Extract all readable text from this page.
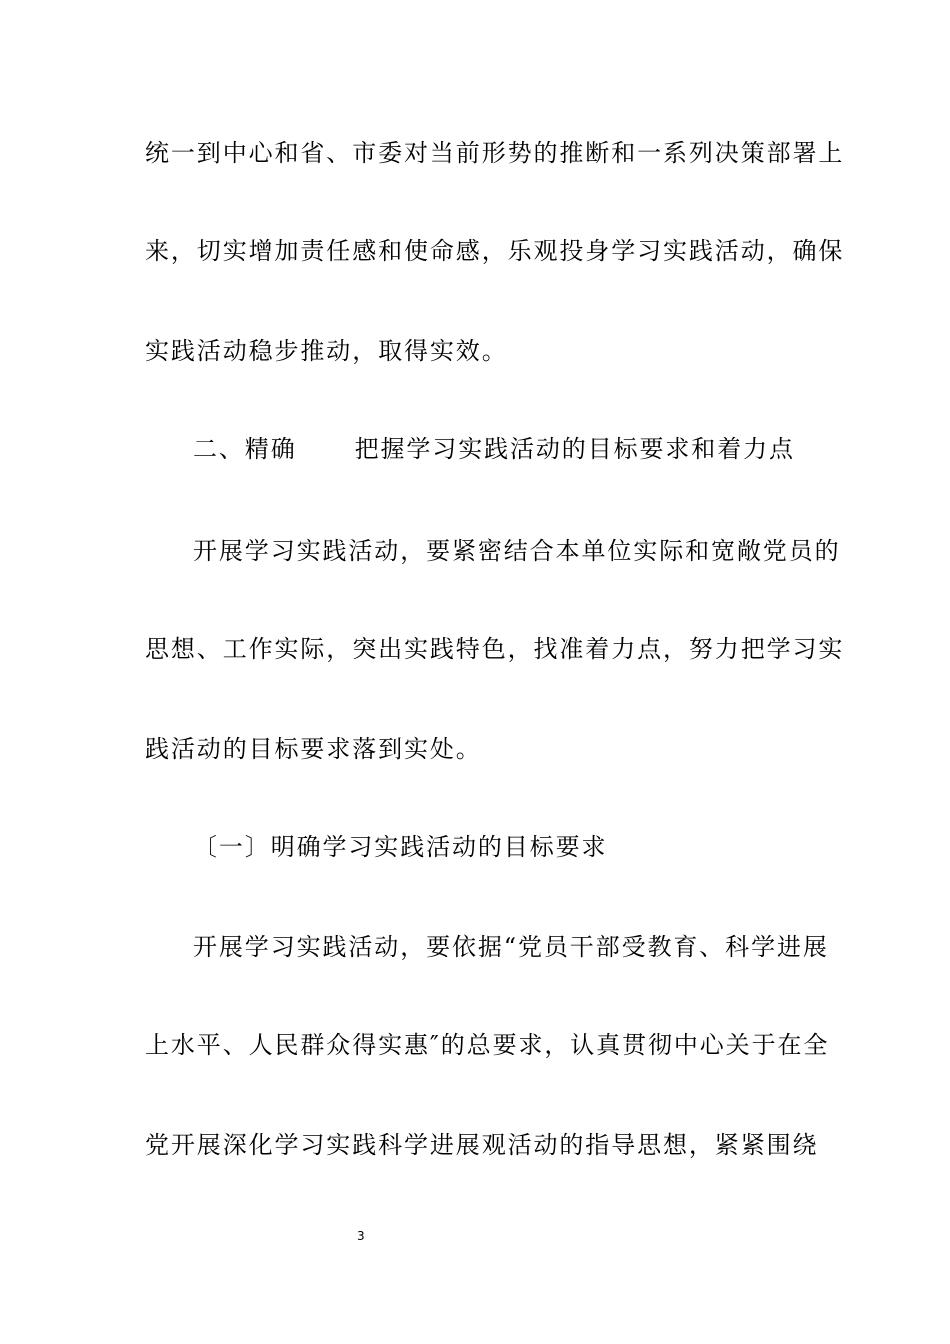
统一到中心和省、市委对当前形势的推断和一系列决策部署上
来，切实增加责任感和使命感，乐观投身学习实践活动，确保
实践活动稳步推动，取得实效。
二、精确 把握学习实践活动的目标要求和着力点
开展学习实践活动，要紧密结合本单位实际和宽敞党员的
思想、工作实际，突出实践特色，找准着力点，努力把学习实
践活动的目标要求落到实处。
〔一〕明确学习实践活动的目标要求
开展学习实践活动，要依据“党员干部受教育、科学进展
上水平、人民群众得实惠″的总要求，认真贯彻中心关于在全
党开展深化学习实践科学进展观活动的指导思想，紧紧围绕
3
